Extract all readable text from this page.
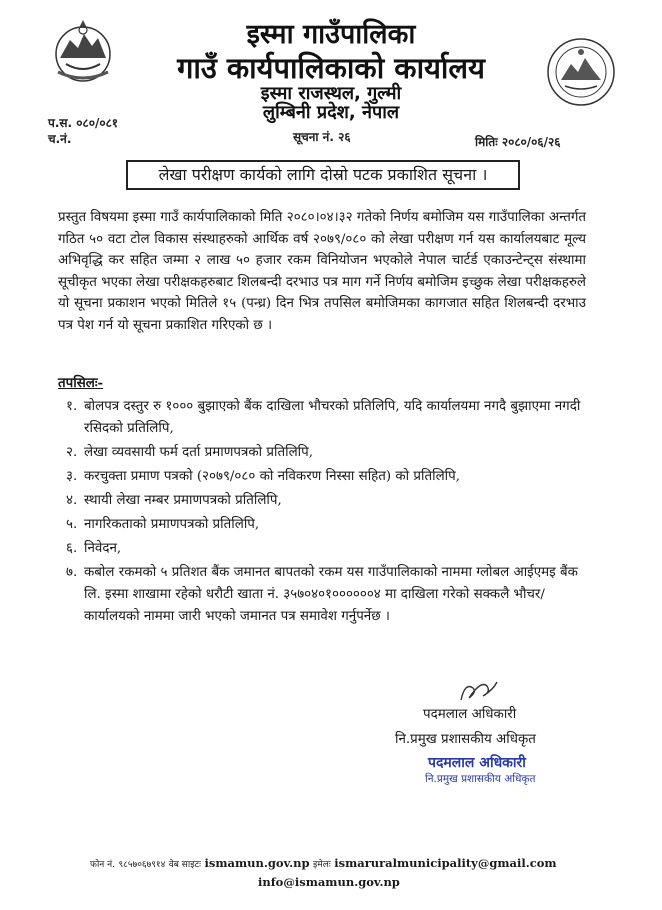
इस्मा गाउँपालिका
गाउँ कार्यपालिकाको कार्यालय
इस्मा राजस्थल, गुल्मी
लुम्बिनी प्रदेश, नेपाल
प.स. ०८०/०८१
च.नं.	सूचना नं. २६	मितिः २०८०/०६/२६
लेखा परीक्षण कार्यको लागि दोस्रो पटक प्रकाशित सूचना ।
प्रस्तुत विषयमा इस्मा गाउँ कार्यपालिकाको मिति २०८०।०४।३२ गतेको निर्णय बमोजिम यस गाउँपालिका अन्तर्गत गठित ५० वटा टोल विकास संस्थाहरुको आर्थिक वर्ष २०७९/०८० को लेखा परीक्षण गर्न यस कार्यालयबाट मूल्य अभिवृद्धि कर सहित जम्मा २ लाख ५० हजार रकम विनियोजन भएकोले नेपाल चार्टर्ड एकाउन्टेन्ट्स संस्थामा सूचीकृत भएका लेखा परीक्षकहरुबाट शिलबन्दी दरभाउ पत्र माग गर्ने निर्णय बमोजिम इच्छुक लेखा परीक्षकहरुले यो सूचना प्रकाशन भएको मितिले १५ (पन्ध्र) दिन भित्र तपसिल बमोजिमका कागजात सहित शिलबन्दी दरभाउ पत्र पेश गर्न यो सूचना प्रकाशित गरिएको छ ।
तपसिलः-
१. बोलपत्र दस्तुर रु १००० बुझाएको बैंक दाखिला भौचरको प्रतिलिपि, यदि कार्यालयमा नगदै बुझाएमा नगदी रसिदको प्रतिलिपि,
२. लेखा व्यवसायी फर्म दर्ता प्रमाणपत्रको प्रतिलिपि,
३. करचुक्ता प्रमाण पत्रको (२०७९/०८० को नविकरण निस्सा सहित) को प्रतिलिपि,
४. स्थायी लेखा नम्बर प्रमाणपत्रको प्रतिलिपि,
५. नागरिकताको प्रमाणपत्रको प्रतिलिपि,
६. निवेदन,
७. कबोल रकमको ५ प्रतिशत बैंक जमानत बापतको रकम यस गाउँपालिकाको नाममा ग्लोबल आईएमइ बैंक लि. इस्मा शाखामा रहेको धरौटी खाता नं. ३५७०४०१००००००४ मा दाखिला गरेको सक्कलै भौचर/कार्यालयको नाममा जारी भएको जमानत पत्र समावेश गर्नुपर्नेछ ।
पदमलाल अधिकारी
नि.प्रमुख प्रशासकीय अधिकृत
पदमलाल अधिकारी
नि.प्रमुख प्रशासकीय अधिकृत
फोन नं. ९८५७०६७९१४ वेब साइटः ismamun.gov.np इमेलः ismaruralmunicipality@gmail.com
info@ismamun.gov.np
